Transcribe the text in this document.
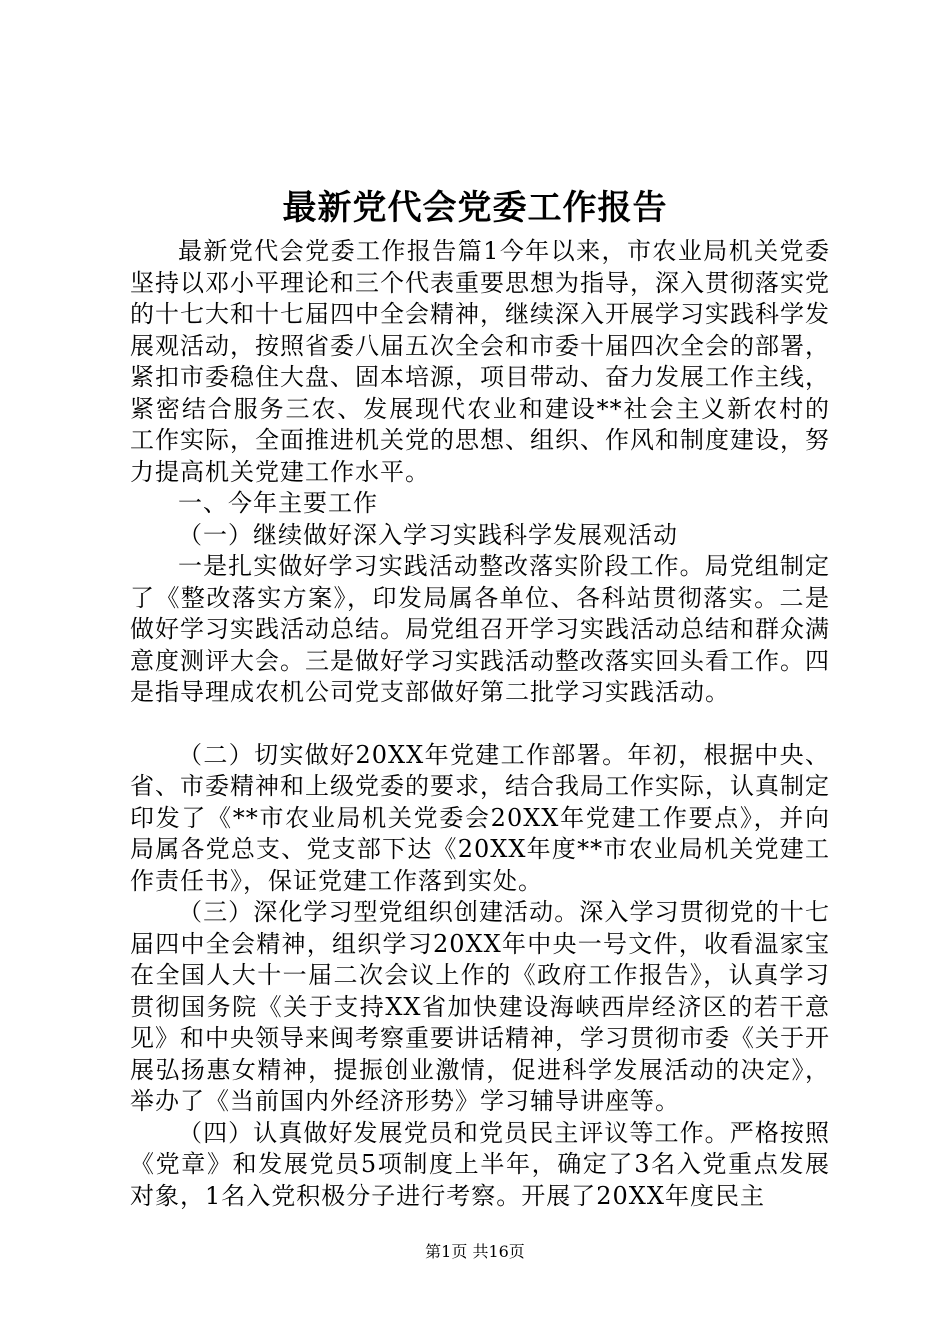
最新党代会党委工作报告

最新党代会党委工作报告篇1今年以来，市农业局机关党委坚持以邓小平理论和三个代表重要思想为指导，深入贯彻落实党的十七大和十七届四中全会精神，继续深入开展学习实践科学发展观活动，按照省委八届五次全会和市委十届四次全会的部署，紧扣市委稳住大盘、固本培源，项目带动、奋力发展工作主线，紧密结合服务三农、发展现代农业和建设**社会主义新农村的工作实际，全面推进机关党的思想、组织、作风和制度建设，努力提高机关党建工作水平。

一、今年主要工作

（一）继续做好深入学习实践科学发展观活动

一是扎实做好学习实践活动整改落实阶段工作。局党组制定了《整改落实方案》，印发局属各单位、各科站贯彻落实。二是做好学习实践活动总结。局党组召开学习实践活动总结和群众满意度测评大会。三是做好学习实践活动整改落实回头看工作。四是指导理成农机公司党支部做好第二批学习实践活动。

（二）切实做好20XX年党建工作部署。年初，根据中央、省、市委精神和上级党委的要求，结合我局工作实际，认真制定印发了《**市农业局机关党委会20XX年党建工作要点》，并向局属各党总支、党支部下达《20XX年度**市农业局机关党建工作责任书》，保证党建工作落到实处。

（三）深化学习型党组织创建活动。深入学习贯彻党的十七届四中全会精神，组织学习20XX年中央一号文件，收看温家宝在全国人大十一届二次会议上作的《政府工作报告》，认真学习贯彻国务院《关于支持XX省加快建设海峡西岸经济区的若干意见》和中央领导来闽考察重要讲话精神，学习贯彻市委《关于开展弘扬惠女精神，提振创业激情，促进科学发展活动的决定》，举办了《当前国内外经济形势》学习辅导讲座等。

（四）认真做好发展党员和党员民主评议等工作。严格按照《党章》和发展党员5项制度上半年，确定了3名入党重点发展对象，1名入党积极分子进行考察。开展了20XX年度民主

第1页 共16页
